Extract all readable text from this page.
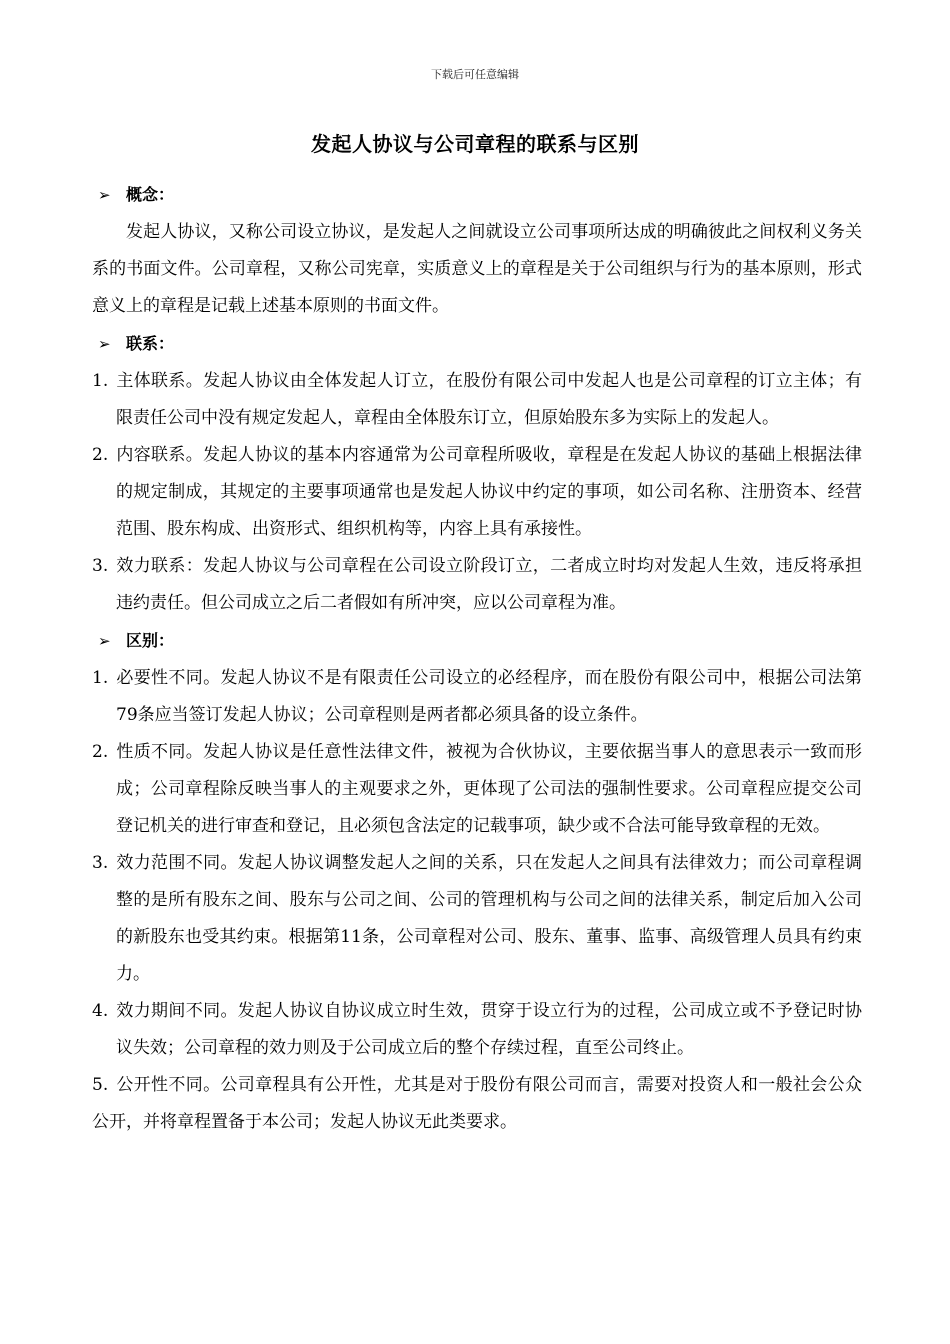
下载后可任意编辑
发起人协议与公司章程的联系与区别
➢ 概念：

发起人协议，又称公司设立协议，是发起人之间就设立公司事项所达成的明确彼此之间权利义务关系的书面文件。公司章程，又称公司宪章，实质意义上的章程是关于公司组织与行为的基本原则，形式意义上的章程是记载上述基本原则的书面文件。

➢ 联系：

1. 主体联系。发起人协议由全体发起人订立，在股份有限公司中发起人也是公司章程的订立主体；有限责任公司中没有规定发起人，章程由全体股东订立，但原始股东多为实际上的发起人。

2. 内容联系。发起人协议的基本内容通常为公司章程所吸收，章程是在发起人协议的基础上根据法律的规定制成，其规定的主要事项通常也是发起人协议中约定的事项，如公司名称、注册资本、经营范围、股东构成、出资形式、组织机构等，内容上具有承接性。

3. 效力联系：发起人协议与公司章程在公司设立阶段订立，二者成立时均对发起人生效，违反将承担违约责任。但公司成立之后二者假如有所冲突，应以公司章程为准。

➢ 区别：

1. 必要性不同。发起人协议不是有限责任公司设立的必经程序，而在股份有限公司中，根据公司法第79条应当签订发起人协议；公司章程则是两者都必须具备的设立条件。

2. 性质不同。发起人协议是任意性法律文件，被视为合伙协议，主要依据当事人的意思表示一致而形成；公司章程除反映当事人的主观要求之外，更体现了公司法的强制性要求。公司章程应提交公司登记机关的进行审查和登记，且必须包含法定的记载事项，缺少或不合法可能导致章程的无效。

3. 效力范围不同。发起人协议调整发起人之间的关系，只在发起人之间具有法律效力；而公司章程调整的是所有股东之间、股东与公司之间、公司的管理机构与公司之间的法律关系，制定后加入公司的新股东也受其约束。根据第11条，公司章程对公司、股东、董事、监事、高级管理人员具有约束力。

4. 效力期间不同。发起人协议自协议成立时生效，贯穿于设立行为的过程，公司成立或不予登记时协议失效；公司章程的效力则及于公司成立后的整个存续过程，直至公司终止。

5. 公开性不同。公司章程具有公开性，尤其是对于股份有限公司而言，需要对投资人和一般社会公众公开，并将章程置备于本公司；发起人协议无此类要求。
